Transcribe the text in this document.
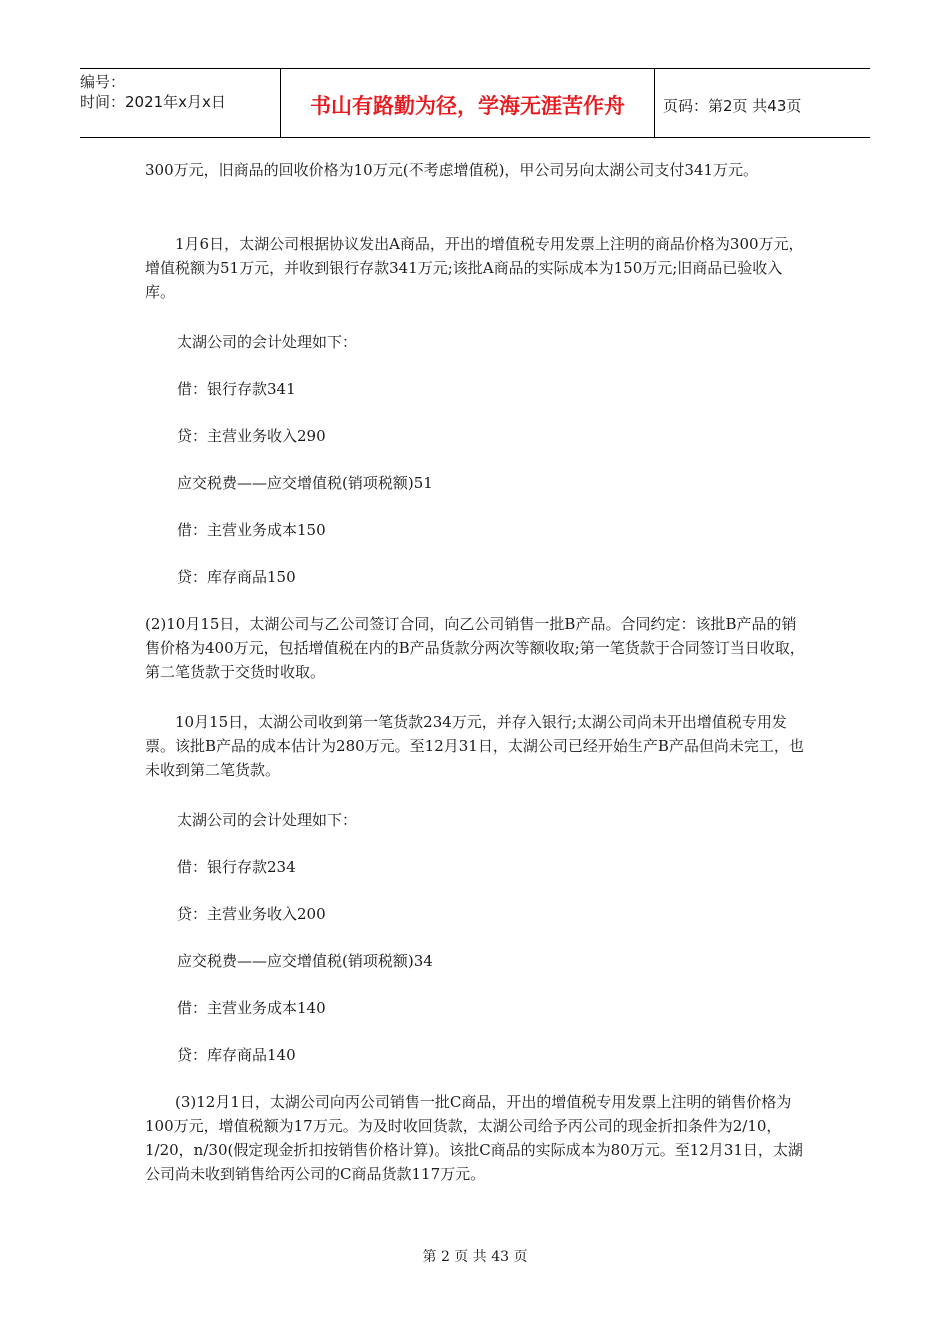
编号：
时间：2021年x月x日	书山有路勤为径，学海无涯苦作舟	页码：第2页 共43页

300万元，旧商品的回收价格为10万元(不考虑增值税)，甲公司另向太湖公司支付341万元。

1月6日，太湖公司根据协议发出A商品，开出的增值税专用发票上注明的商品价格为300万元，增值税额为51万元，并收到银行存款341万元;该批A商品的实际成本为150万元;旧商品已验收入库。

太湖公司的会计处理如下：

借：银行存款341

贷：主营业务收入290

应交税费——应交增值税(销项税额)51

借：主营业务成本150

贷：库存商品150

(2)10月15日，太湖公司与乙公司签订合同，向乙公司销售一批B产品。合同约定：该批B产品的销售价格为400万元，包括增值税在内的B产品货款分两次等额收取;第一笔货款于合同签订当日收取，第二笔货款于交货时收取。

10月15日，太湖公司收到第一笔货款234万元，并存入银行;太湖公司尚未开出增值税专用发票。该批B产品的成本估计为280万元。至12月31日，太湖公司已经开始生产B产品但尚未完工，也未收到第二笔货款。

太湖公司的会计处理如下：

借：银行存款234

贷：主营业务收入200

应交税费——应交增值税(销项税额)34

借：主营业务成本140

贷：库存商品140

(3)12月1日，太湖公司向丙公司销售一批C商品，开出的增值税专用发票上注明的销售价格为100万元，增值税额为17万元。为及时收回货款，太湖公司给予丙公司的现金折扣条件为2/10，1/20，n/30(假定现金折扣按销售价格计算)。该批C商品的实际成本为80万元。至12月31日，太湖公司尚未收到销售给丙公司的C商品货款117万元。

第 2 页 共 43 页
